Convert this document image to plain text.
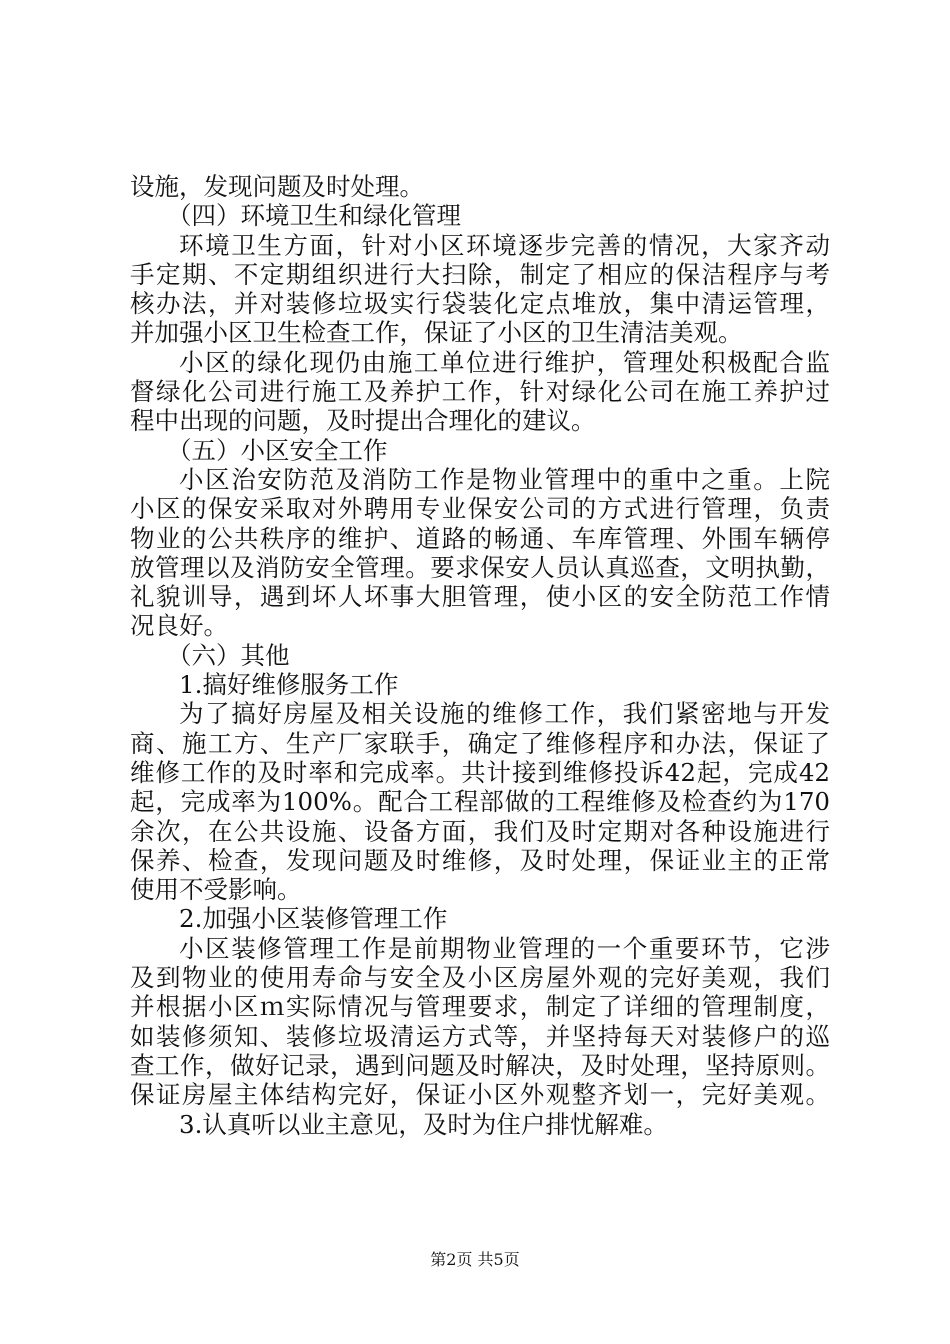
设施，发现问题及时处理。
（四）环境卫生和绿化管理
环境卫生方面，针对小区环境逐步完善的情况，大家齐动
手定期、不定期组织进行大扫除，制定了相应的保洁程序与考
核办法，并对装修垃圾实行袋装化定点堆放，集中清运管理，
并加强小区卫生检查工作，保证了小区的卫生清洁美观。
小区的绿化现仍由施工单位进行维护，管理处积极配合监
督绿化公司进行施工及养护工作，针对绿化公司在施工养护过
程中出现的问题，及时提出合理化的建议。
（五）小区安全工作
小区治安防范及消防工作是物业管理中的重中之重。上院
小区的保安采取对外聘用专业保安公司的方式进行管理，负责
物业的公共秩序的维护、道路的畅通、车库管理、外围车辆停
放管理以及消防安全管理。要求保安人员认真巡查，文明执勤，
礼貌训导，遇到坏人坏事大胆管理，使小区的安全防范工作情
况良好。
（六）其他
1.搞好维修服务工作
为了搞好房屋及相关设施的维修工作，我们紧密地与开发
商、施工方、生产厂家联手，确定了维修程序和办法，保证了
维修工作的及时率和完成率。共计接到维修投诉42起，完成42
起，完成率为100%。配合工程部做的工程维修及检查约为170
余次，在公共设施、设备方面，我们及时定期对各种设施进行
保养、检查，发现问题及时维修，及时处理，保证业主的正常
使用不受影响。
2.加强小区装修管理工作
小区装修管理工作是前期物业管理的一个重要环节，它涉
及到物业的使用寿命与安全及小区房屋外观的完好美观，我们
并根据小区ｍ实际情况与管理要求，制定了详细的管理制度，
如装修须知、装修垃圾清运方式等，并坚持每天对装修户的巡
查工作，做好记录，遇到问题及时解决，及时处理，坚持原则。
保证房屋主体结构完好，保证小区外观整齐划一，完好美观。
3.认真听以业主意见，及时为住户排忧解难。
第2页 共5页
